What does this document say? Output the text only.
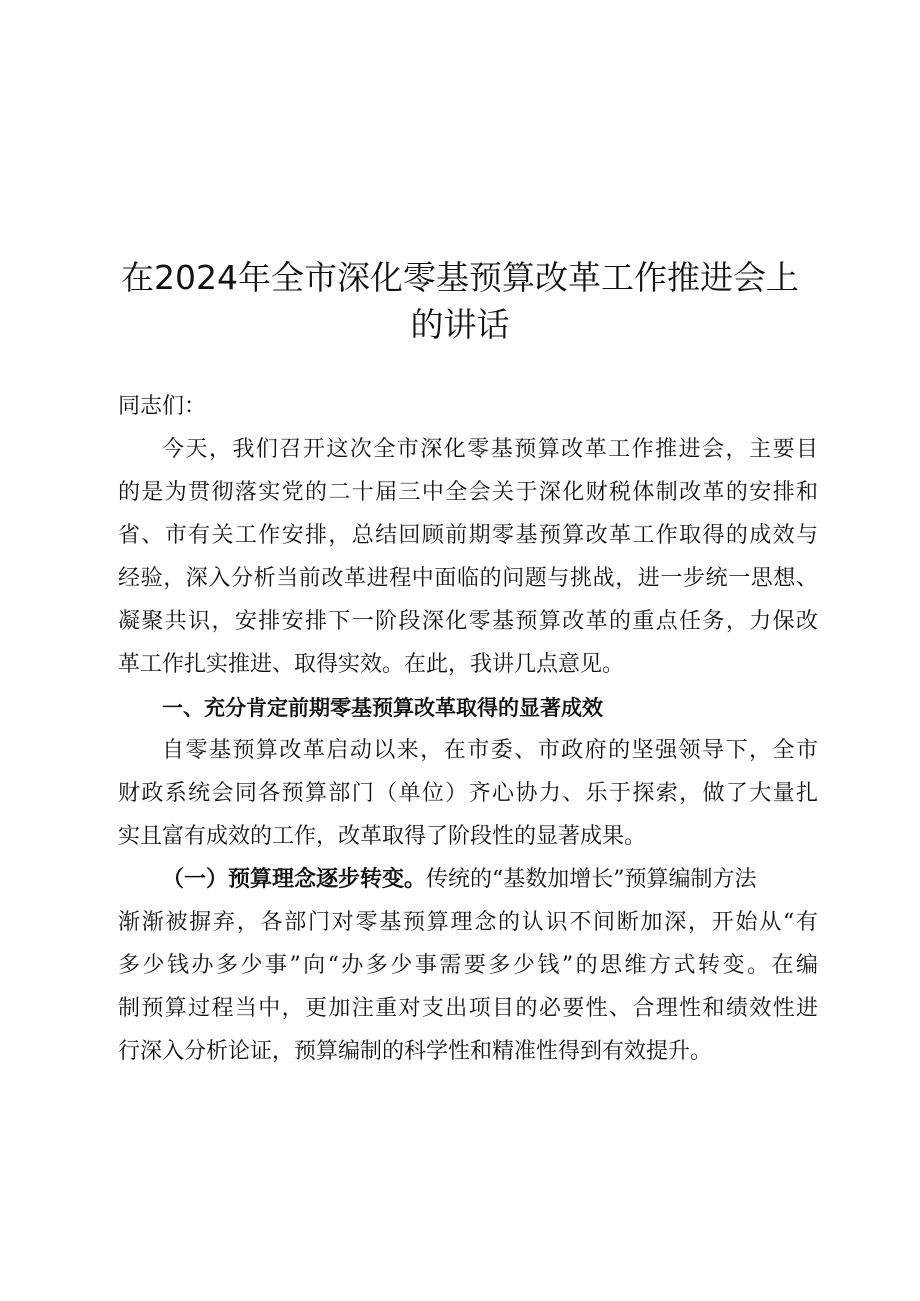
在2024年全市深化零基预算改革工作推进会上
的讲话

同志们：

今天，我们召开这次全市深化零基预算改革工作推进会，主要目

的是为贯彻落实党的二十届三中全会关于深化财税体制改革的安排和

省、市有关工作安排，总结回顾前期零基预算改革工作取得的成效与

经验，深入分析当前改革进程中面临的问题与挑战，进一步统一思想、

凝聚共识，安排安排下一阶段深化零基预算改革的重点任务，力保改

革工作扎实推进、取得实效。在此，我讲几点意见。

一、充分肯定前期零基预算改革取得的显著成效

自零基预算改革启动以来，在市委、市政府的坚强领导下，全市

财政系统会同各预算部门（单位）齐心协力、乐于探索，做了大量扎

实且富有成效的工作，改革取得了阶段性的显著成果。

（一）预算理念逐步转变。传统的“基数加增长”预算编制方法

渐渐被摒弃，各部门对零基预算理念的认识不间断加深，开始从“有

多少钱办多少事”向“办多少事需要多少钱”的思维方式转变。在编

制预算过程当中，更加注重对支出项目的必要性、合理性和绩效性进

行深入分析论证，预算编制的科学性和精准性得到有效提升。
